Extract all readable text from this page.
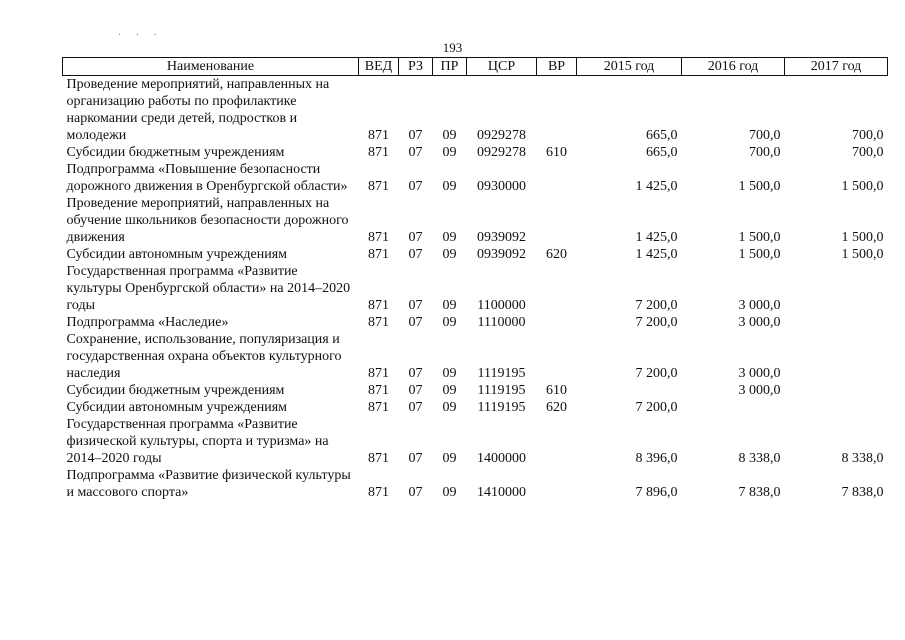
· · ·
193
Наименование	ВЕД	РЗ	ПР	ЦСР	ВР	2015 год	2016 год	2017 год
Проведение мероприятий, направленных на организацию работы по профилактике наркомании среди детей, подростков и молодежи	871	07	09	0929278		665,0	700,0	700,0
Субсидии бюджетным учреждениям	871	07	09	0929278	610	665,0	700,0	700,0
Подпрограмма «Повышение безопасности дорожного движения в Оренбургской области»	871	07	09	0930000		1 425,0	1 500,0	1 500,0
Проведение мероприятий, направленных на обучение школьников безопасности дорожного движения	871	07	09	0939092		1 425,0	1 500,0	1 500,0
Субсидии автономным учреждениям	871	07	09	0939092	620	1 425,0	1 500,0	1 500,0
Государственная программа «Развитие культуры Оренбургской области» на 2014–2020 годы	871	07	09	1100000		7 200,0	3 000,0	
Подпрограмма «Наследие»	871	07	09	1110000		7 200,0	3 000,0	
Сохранение, использование, популяризация и государственная охрана объектов культурного наследия	871	07	09	1119195		7 200,0	3 000,0	
Субсидии бюджетным учреждениям	871	07	09	1119195	610		3 000,0	
Субсидии автономным учреждениям	871	07	09	1119195	620	7 200,0		
Государственная программа «Развитие физической культуры, спорта и туризма» на 2014–2020 годы	871	07	09	1400000		8 396,0	8 338,0	8 338,0
Подпрограмма «Развитие физической культуры и массового спорта»	871	07	09	1410000		7 896,0	7 838,0	7 838,0
